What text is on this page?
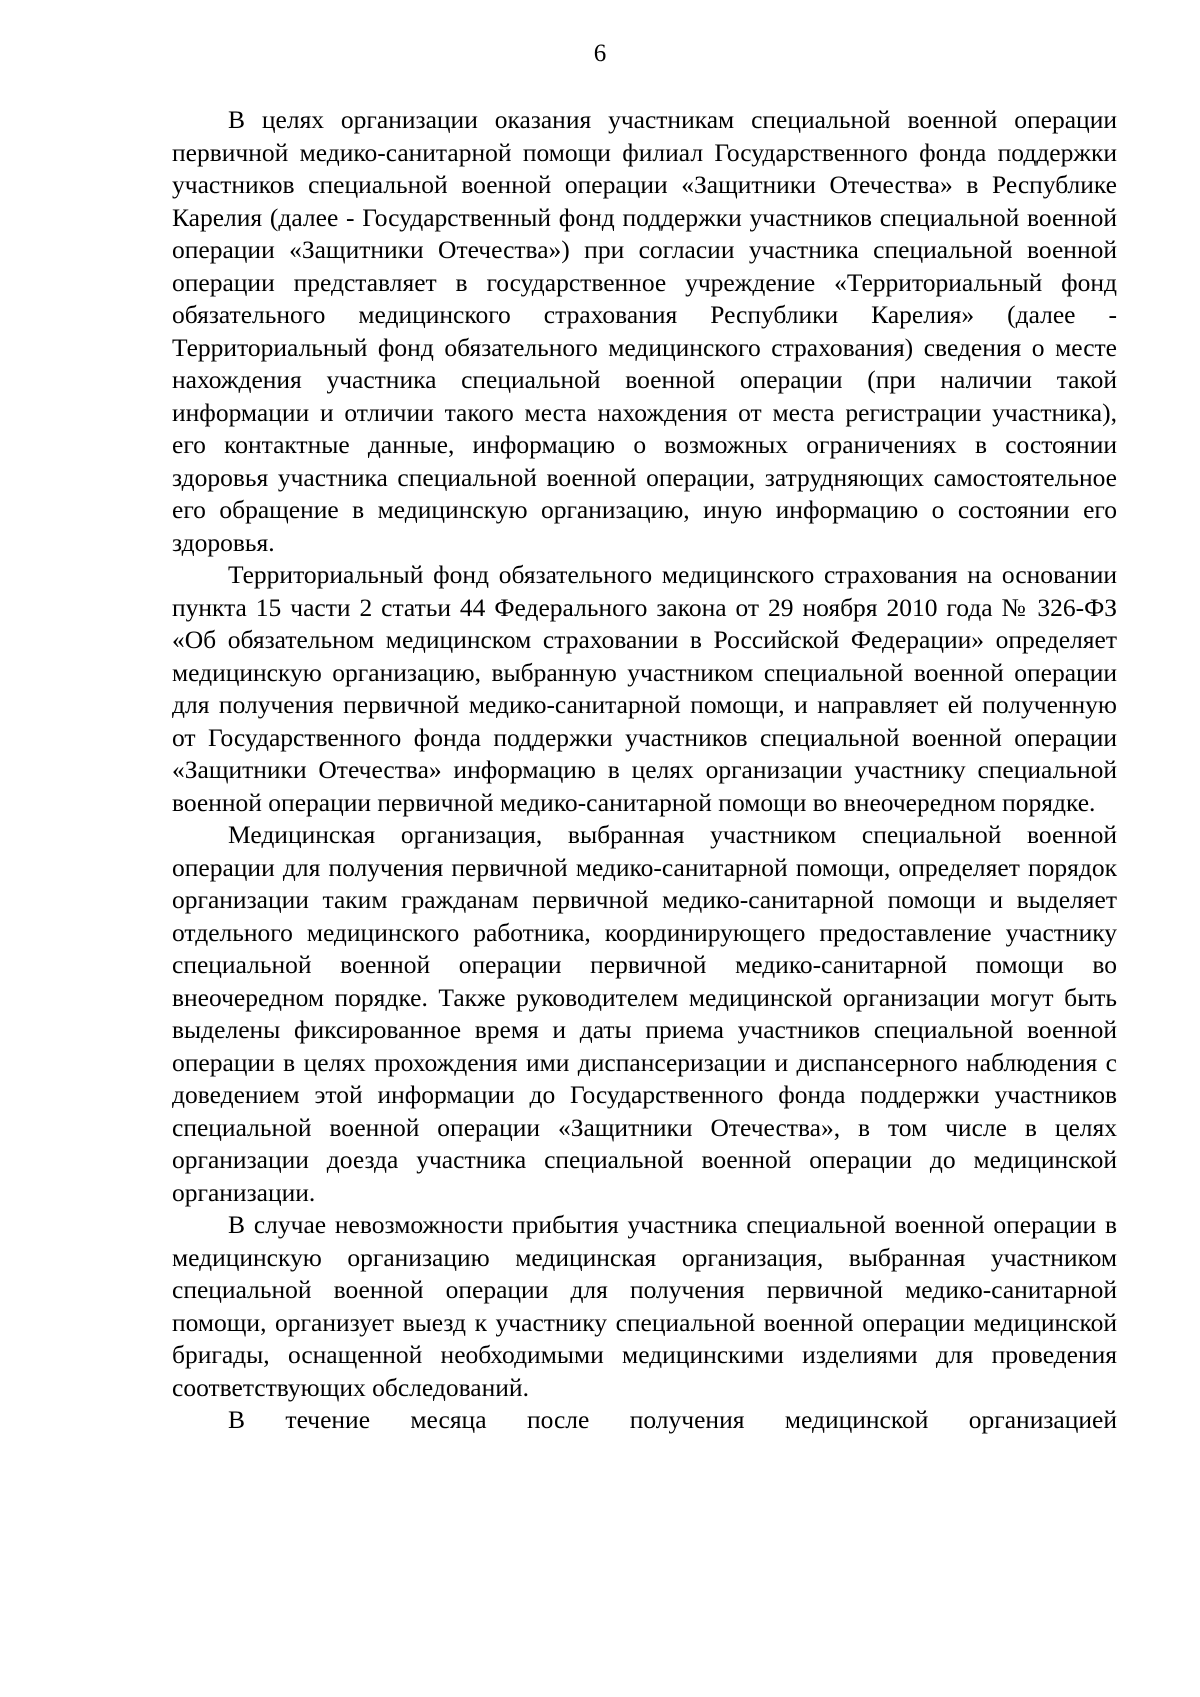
6

В целях организации оказания участникам специальной военной операции первичной медико-санитарной помощи филиал Государственного фонда поддержки участников специальной военной операции «Защитники Отечества» в Республике Карелия (далее - Государственный фонд поддержки участников специальной военной операции «Защитники Отечества») при согласии участника специальной военной операции представляет в государственное учреждение «Территориальный фонд обязательного медицинского страхования Республики Карелия» (далее - Территориальный фонд обязательного медицинского страхования) сведения о месте нахождения участника специальной военной операции (при наличии такой информации и отличии такого места нахождения от места регистрации участника), его контактные данные, информацию о возможных ограничениях в состоянии здоровья участника специальной военной операции, затрудняющих самостоятельное его обращение в медицинскую организацию, иную информацию о состоянии его здоровья.

Территориальный фонд обязательного медицинского страхования на основании пункта 15 части 2 статьи 44 Федерального закона от 29 ноября 2010 года № 326-ФЗ «Об обязательном медицинском страховании в Российской Федерации» определяет медицинскую организацию, выбранную участником специальной военной операции для получения первичной медико-санитарной помощи, и направляет ей полученную от Государственного фонда поддержки участников специальной военной операции «Защитники Отечества» информацию в целях организации участнику специальной военной операции первичной медико-санитарной помощи во внеочередном порядке.

Медицинская организация, выбранная участником специальной военной операции для получения первичной медико-санитарной помощи, определяет порядок организации таким гражданам первичной медико-санитарной помощи и выделяет отдельного медицинского работника, координирующего предоставление участнику специальной военной операции первичной медико-санитарной помощи во внеочередном порядке. Также руководителем медицинской организации могут быть выделены фиксированное время и даты приема участников специальной военной операции в целях прохождения ими диспансеризации и диспансерного наблюдения с доведением этой информации до Государственного фонда поддержки участников специальной военной операции «Защитники Отечества», в том числе в целях организации доезда участника специальной военной операции до медицинской организации.

В случае невозможности прибытия участника специальной военной операции в медицинскую организацию медицинская организация, выбранная участником специальной военной операции для получения первичной медико-санитарной помощи, организует выезд к участнику специальной военной операции медицинской бригады, оснащенной необходимыми медицинскими изделиями для проведения соответствующих обследований.

В течение месяца после получения медицинской организацией
